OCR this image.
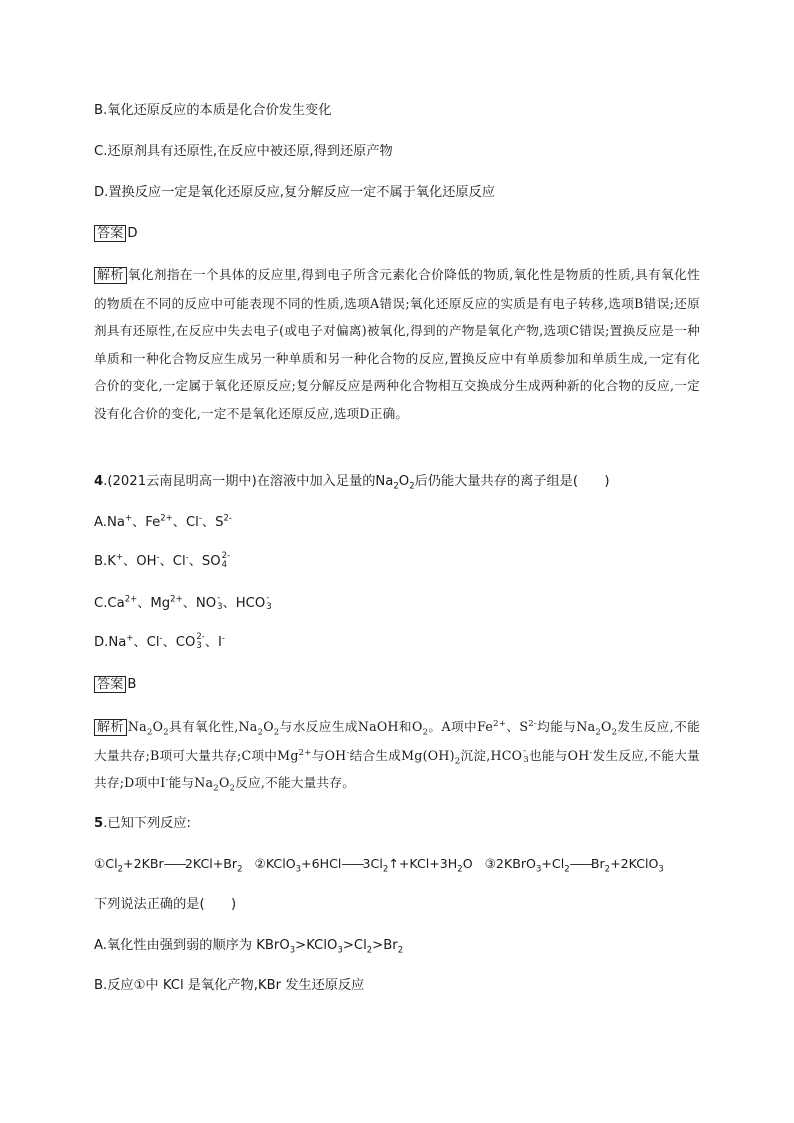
B.氧化还原反应的本质是化合价发生变化
C.还原剂具有还原性,在反应中被还原,得到还原产物
D.置换反应一定是氧化还原反应,复分解反应一定不属于氧化还原反应
答案 D
解析 氧化剂指在一个具体的反应里,得到电子所含元素化合价降低的物质,氧化性是物质的性质,具有氧化性的物质在不同的反应中可能表现不同的性质,选项A错误;氧化还原反应的实质是有电子转移,选项B错误;还原剂具有还原性,在反应中失去电子(或电子对偏离)被氧化,得到的产物是氧化产物,选项C错误;置换反应是一种单质和一种化合物反应生成另一种单质和另一种化合物的反应,置换反应中有单质参加和单质生成,一定有化合价的变化,一定属于氧化还原反应;复分解反应是两种化合物相互交换成分生成两种新的化合物的反应,一定没有化合价的变化,一定不是氧化还原反应,选项D正确。
4.(2021云南昆明高一期中)在溶液中加入足量的$Na_2O_2$后仍能大量共存的离子组是(　　)
A.Na+、$Fe^{2+}$、Cl-、$S^{2-}$
B.K+、OH-、Cl-、SO 2-
4
$C.Ca^{2+}$、$Mg^{2+}$、NO -
3 、HCO -
3
D.Na+、Cl-、CO 2-
3 、I-
答案 B
解析 $Na_2O_2$具有氧化性$,Na_2O_2$与水反应生成NaOH和$O_2$。A项中$Fe^{2+}$、$S^{2-}$均能与$Na_2O_2$发生反应,不能大量共存;B项可大量共存;C项中$Mg^{2+}$与OH-结合生成$Mg(OH)_2$沉淀,HCO -
3 也能与OH-发生反应,不能大量共存;D项中I-能与$Na_2O_2$反应,不能大量共存。
5.已知下列反应:
$①Cl_2+2KBr——2KCl+Br_2$   $②KClO_3+6HCl——3Cl_2↑+KCl+3H_2O$   $③2KBrO_3+Cl_2——Br_2+2KClO_3$
下列说法正确的是(　　)
A.氧化性由强到弱的顺序为 $KBrO_3>KClO_3>Cl_2>Br_2$
B.反应①中 KCl 是氧化产物,KBr 发生还原反应
